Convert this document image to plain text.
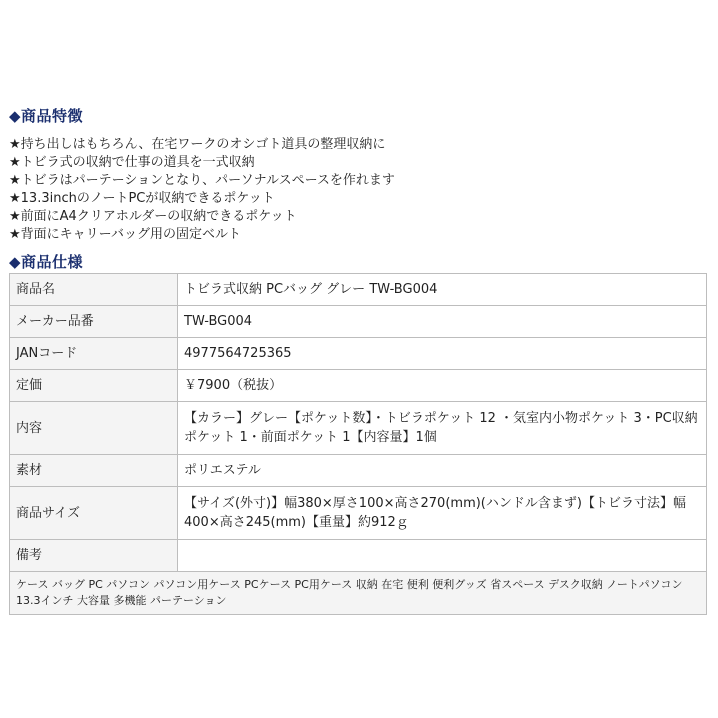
◆商品特徴
★持ち出しはもちろん、在宅ワークのオシゴト道具の整理収納に
★トビラ式の収納で仕事の道具を一式収納
★トビラはパーテーションとなり、パーソナルスペースを作れます
★13.3inchのノートPCが収納できるポケット
★前面にA4クリアホルダーの収納できるポケット
★背面にキャリーバッグ用の固定ベルト
◆商品仕様
商品名	トビラ式収納 PCバッグ グレー TW-BG004
メーカー品番	TW-BG004
JANコード	4977564725365
定価	￥7900（税抜）
内容	【カラー】グレー【ポケット数】・トビラポケット 12 ・気室内小物ポケット 3・PC収納ポケット 1・前面ポケット 1【内容量】1個
素材	ポリエステル
商品サイズ	【サイズ(外寸)】幅380×厚さ100×高さ270(mm)(ハンドル含まず)【トビラ寸法】幅400×高さ245(mm)【重量】約912ｇ
備考	
ケース バッグ PC パソコン パソコン用ケース PCケース PC用ケース 収納 在宅 便利 便利グッズ 省スペース デスク収納 ノートパソコン 13.3インチ 大容量 多機能 パーテーション	
